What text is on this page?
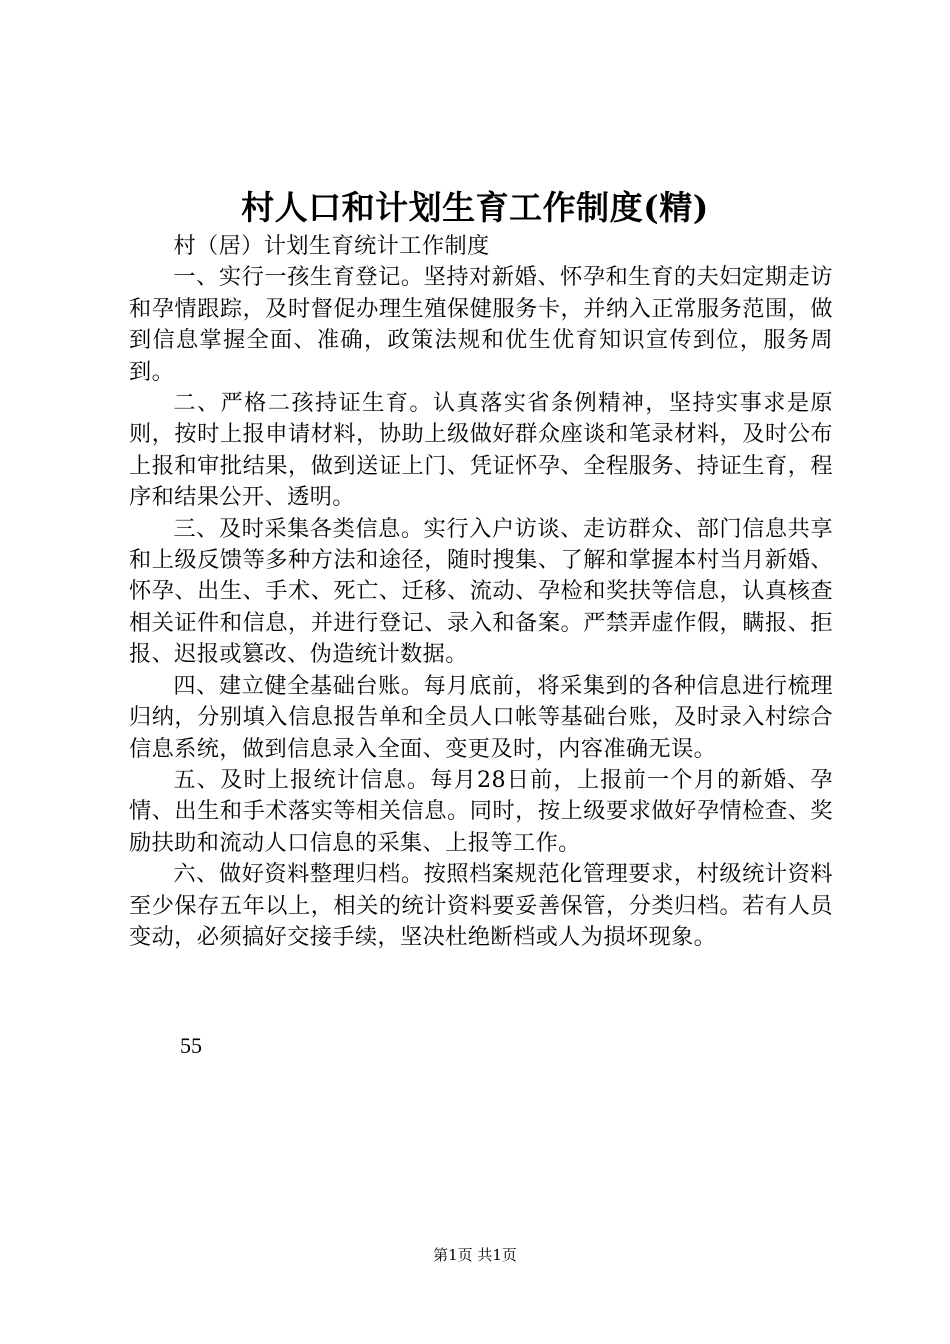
村人口和计划生育工作制度(精)

村（居）计划生育统计工作制度

一、实行一孩生育登记。坚持对新婚、怀孕和生育的夫妇定期走访和孕情跟踪，及时督促办理生殖保健服务卡，并纳入正常服务范围，做到信息掌握全面、准确，政策法规和优生优育知识宣传到位，服务周到。

二、严格二孩持证生育。认真落实省条例精神，坚持实事求是原则，按时上报申请材料，协助上级做好群众座谈和笔录材料，及时公布上报和审批结果，做到送证上门、凭证怀孕、全程服务、持证生育，程序和结果公开、透明。

三、及时采集各类信息。实行入户访谈、走访群众、部门信息共享和上级反馈等多种方法和途径，随时搜集、了解和掌握本村当月新婚、怀孕、出生、手术、死亡、迁移、流动、孕检和奖扶等信息，认真核查相关证件和信息，并进行登记、录入和备案。严禁弄虚作假，瞒报、拒报、迟报或篡改、伪造统计数据。

四、建立健全基础台账。每月底前，将采集到的各种信息进行梳理归纳，分别填入信息报告单和全员人口帐等基础台账，及时录入村综合信息系统，做到信息录入全面、变更及时，内容准确无误。

五、及时上报统计信息。每月28日前，上报前一个月的新婚、孕情、出生和手术落实等相关信息。同时，按上级要求做好孕情检查、奖励扶助和流动人口信息的采集、上报等工作。

六、做好资料整理归档。按照档案规范化管理要求，村级统计资料至少保存五年以上，相关的统计资料要妥善保管，分类归档。若有人员变动，必须搞好交接手续，坚决杜绝断档或人为损坏现象。

55
第1页 共1页
